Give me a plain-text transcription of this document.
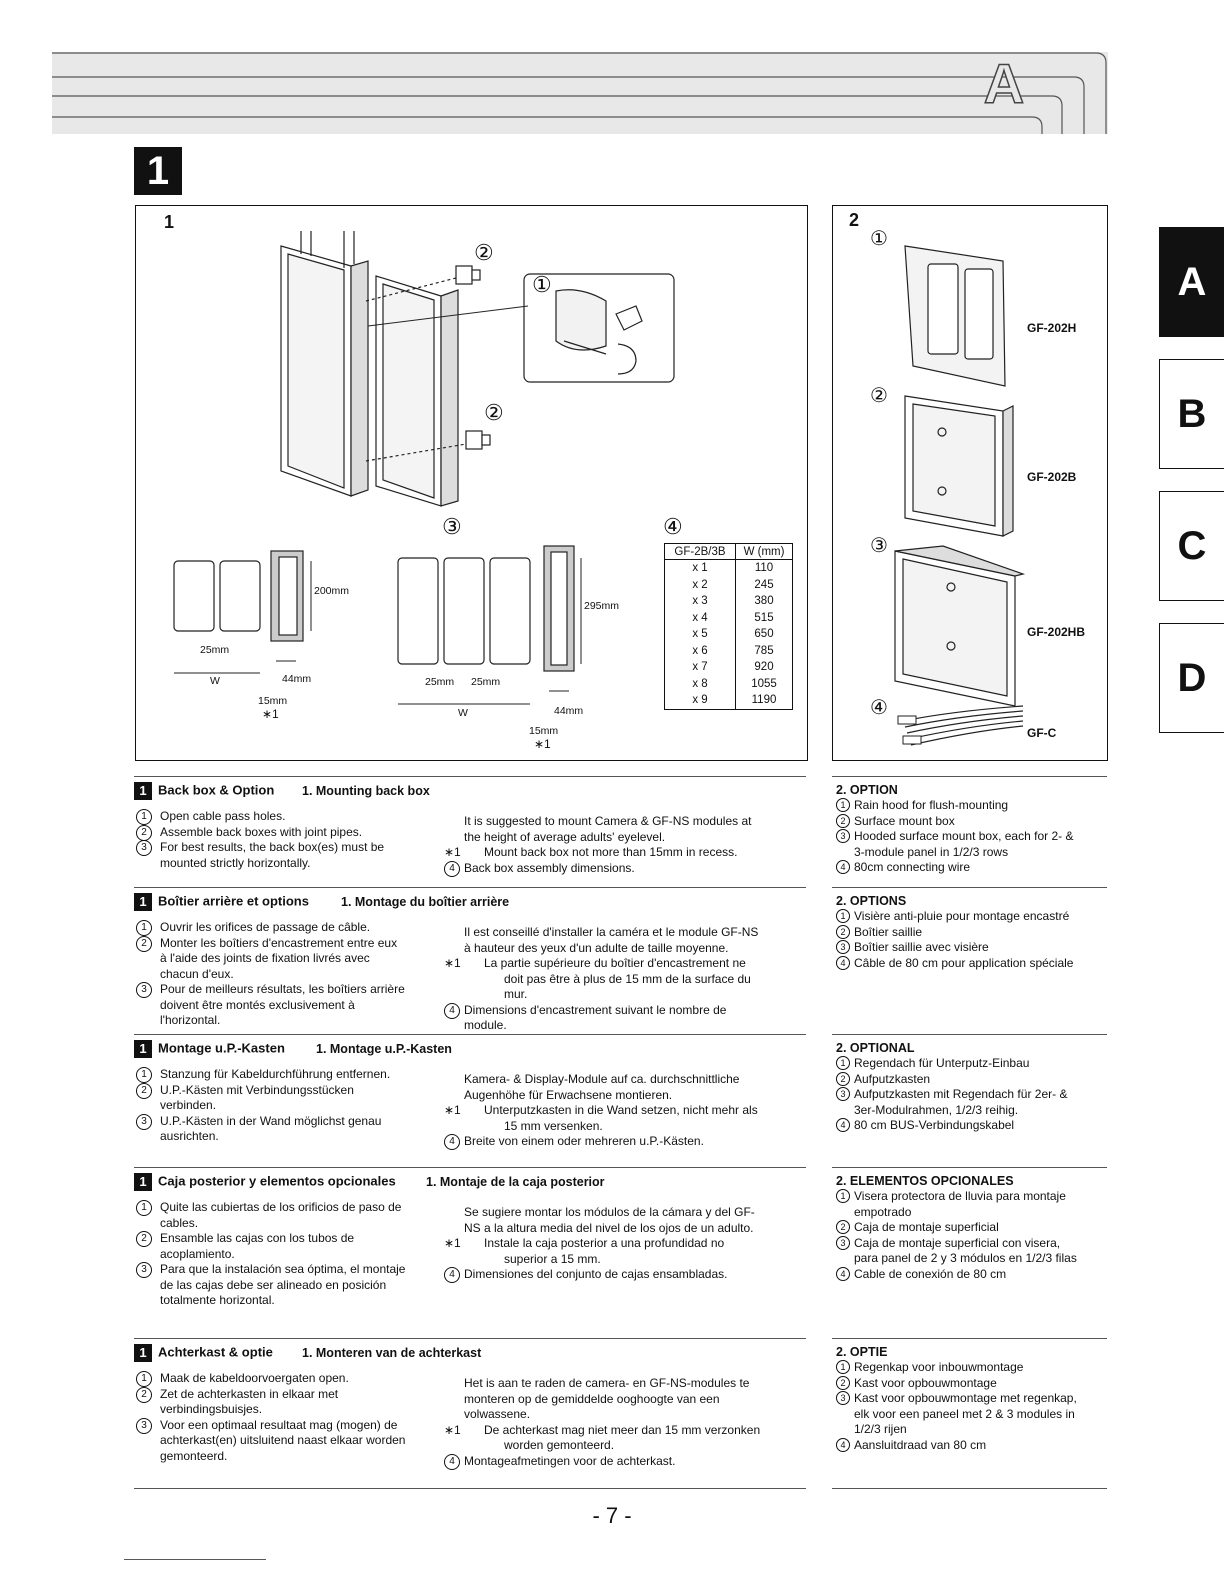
A
1
A
B
C
D
1
②
①
②
③	④
200mm
295mm
25mm
W	44mm
15mm
∗1
25mm 25mm
W	44mm
15mm
∗1
GF-2B/3B	W (mm)
x 1	110
x 2	245
x 3	380
x 4	515
x 5	650
x 6	785
x 7	920
x 8	1055
x 9	1190
2
①
GF-202H
②
GF-202B
③
GF-202HB
④
GF-C
1 Back box & Option 1. Mounting back box
1	Open cable pass holes.
2	Assemble back boxes with joint pipes.
3	For best results, the back box(es) must be mounted strictly horizontally.
It is suggested to mount Camera & GF-NS modules at the height of average adults' eyelevel.
∗1 Mount back box not more than 15mm in recess.
4 Back box assembly dimensions.
2. OPTION
1 Rain hood for flush-mounting
2 Surface mount box
3 Hooded surface mount box, each for 2- & 3-module panel in 1/2/3 rows
4 80cm connecting wire
1 Boîtier arrière et options	1. Montage du boîtier arrière
1	Ouvrir les orifices de passage de câble.
2	Monter les boîtiers d'encastrement entre eux à l'aide des joints de fixation livrés avec chacun d'eux.
3	Pour de meilleurs résultats, les boîtiers arrière doivent être montés exclusivement à l'horizontal.
Il est conseillé d'installer la caméra et le module GF-NS à hauteur des yeux d'un adulte de taille moyenne.
∗1 La partie supérieure du boîtier d'encastrement ne doit pas être à plus de 15 mm de la surface du mur.
4 Dimensions d'encastrement suivant le nombre de module.
2. OPTIONS
1 Visière anti-pluie pour montage encastré
2 Boîtier saillie
3 Boîtier saillie avec visière
4 Câble de 80 cm pour application spéciale
1 Montage u.P.-Kasten 1. Montage u.P.-Kasten
1	Stanzung für Kabeldurchführung entfernen.
2	U.P.-Kästen mit Verbindungsstücken verbinden.
3	U.P.-Kästen in der Wand möglichst genau ausrichten.
Kamera- & Display-Module auf ca. durchschnittliche Augenhöhe für Erwachsene montieren.
∗1 Unterputzkasten in die Wand setzen, nicht mehr als 15 mm versenken.
4 Breite von einem oder mehreren u.P.-Kästen.
2. OPTIONAL
1 Regendach für Unterputz-Einbau
2 Aufputzkasten
3 Aufputzkasten mit Regendach für 2er- & 3er-Modulrahmen, 1/2/3 reihig.
4 80 cm BUS-Verbindungskabel
1 Caja posterior y elementos opcionales 1. Montaje de la caja posterior
1	Quite las cubiertas de los orificios de paso de cables.
2	Ensamble las cajas con los tubos de acoplamiento.
3	Para que la instalación sea óptima, el montaje de las cajas debe ser alineado en posición totalmente horizontal.
Se sugiere montar los módulos de la cámara y del GF-NS a la altura media del nivel de los ojos de un adulto.
∗1 Instale la caja posterior a una profundidad no superior a 15 mm.
4 Dimensiones del conjunto de cajas ensambladas.
2. ELEMENTOS OPCIONALES
1 Visera protectora de lluvia para montaje empotrado
2 Caja de montaje superficial
3 Caja de montaje superficial con visera, para panel de 2 y 3 módulos en 1/2/3 filas
4 Cable de conexión de 80 cm
1 Achterkast & optie 1. Monteren van de achterkast
1	Maak de kabeldoorvoergaten open.
2	Zet de achterkasten in elkaar met verbindingsbuisjes.
3	Voor een optimaal resultaat mag (mogen) de achterkast(en) uitsluitend naast elkaar worden gemonteerd.
Het is aan te raden de camera- en GF-NS-modules te monteren op de gemiddelde ooghoogte van een volwassene.
∗1 De achterkast mag niet meer dan 15 mm verzonken worden gemonteerd.
4 Montageafmetingen voor de achterkast.
2. OPTIE
1 Regenkap voor inbouwmontage
2 Kast voor opbouwmontage
3 Kast voor opbouwmontage met regenkap, elk voor een paneel met 2 & 3 modules in 1/2/3 rijen
4 Aansluitdraad van 80 cm
- 7 -
